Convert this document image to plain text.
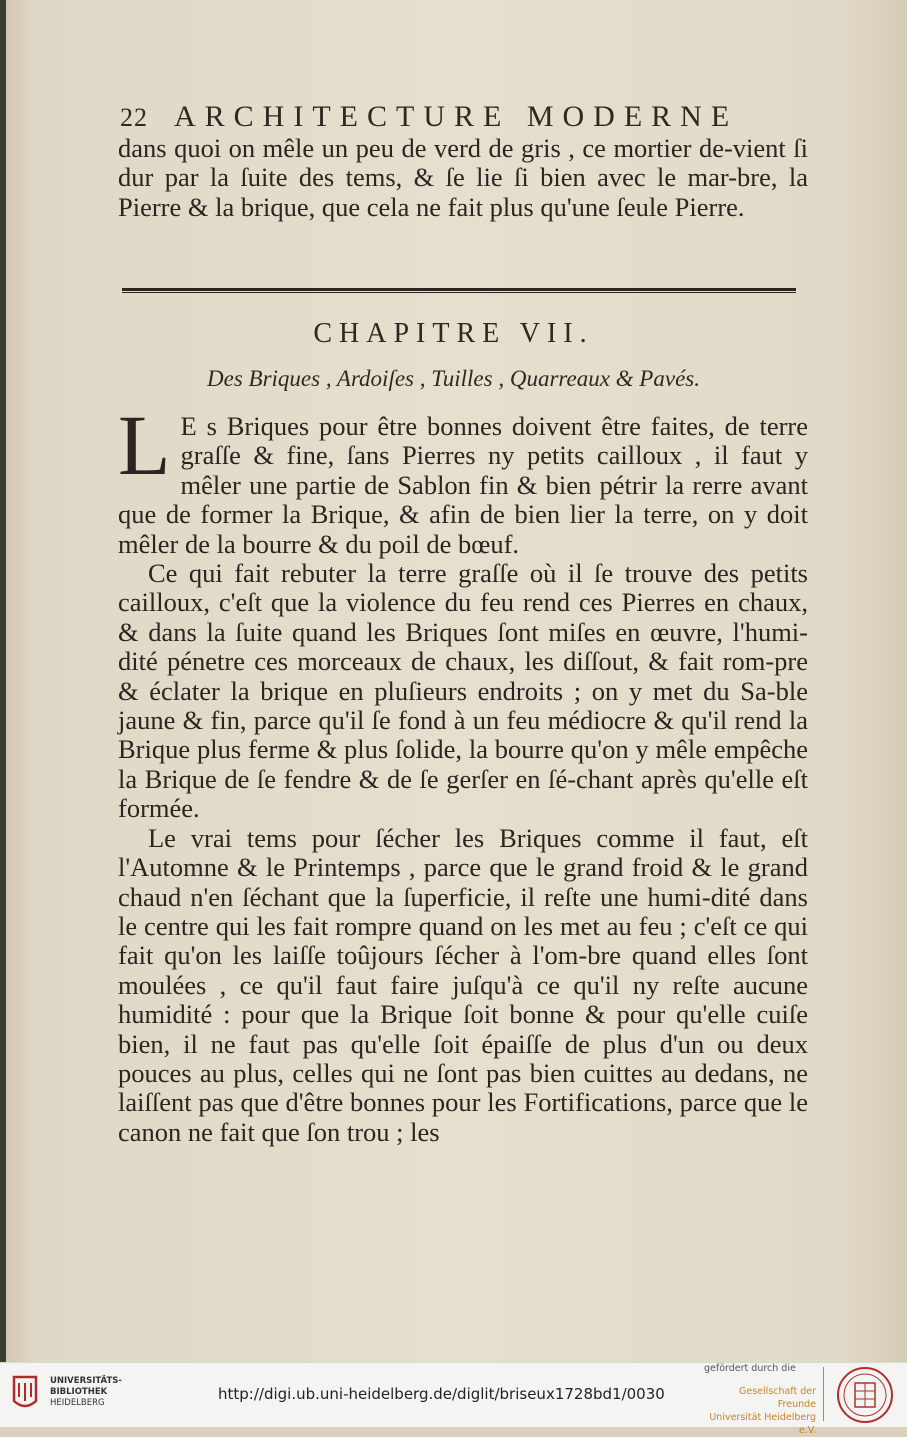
22 ARCHITECTURE MODERNE

dans quoi on mêle un peu de verd de gris , ce mortier de-vient ſi dur par la ſuite des tems, & ſe lie ſi bien avec le mar-bre, la Pierre & la brique, que cela ne fait plus qu'une ſeule Pierre.

CHAPITRE VII.
Des Briques , Ardoiſes , Tuilles , Quarreaux & Pavés.

L E s Briques pour être bonnes doivent être faites, de terre graſſe & fine, ſans Pierres ny petits cailloux , il faut y mêler une partie de Sablon fin & bien pétrir la rerre avant que de former la Brique, & afin de bien lier la terre, on y doit mêler de la bourre & du poil de bœuf.

Ce qui fait rebuter la terre graſſe où il ſe trouve des petits cailloux, c'eſt que la violence du feu rend ces Pierres en chaux, & dans la ſuite quand les Briques ſont miſes en œuvre, l'humi-dité pénetre ces morceaux de chaux, les diſſout, & fait rom-pre & éclater la brique en pluſieurs endroits ; on y met du Sa-ble jaune & fin, parce qu'il ſe fond à un feu médiocre & qu'il rend la Brique plus ferme & plus ſolide, la bourre qu'on y mêle empêche la Brique de ſe fendre & de ſe gerſer en ſé-chant après qu'elle eſt formée.

Le vrai tems pour ſécher les Briques comme il faut, eſt l'Automne & le Printemps , parce que le grand froid & le grand chaud n'en ſéchant que la ſuperficie, il reſte une humi-dité dans le centre qui les fait rompre quand on les met au feu ; c'eſt ce qui fait qu'on les laiſſe toûjours ſécher à l'om-bre quand elles ſont moulées , ce qu'il faut faire juſqu'à ce qu'il ny reſte aucune humidité : pour que la Brique ſoit bonne & pour qu'elle cuiſe bien, il ne faut pas qu'elle ſoit épaiſſe de plus d'un ou deux pouces au plus, celles qui ne ſont pas bien cuittes au dedans, ne laiſſent pas que d'être bonnes pour les Fortifications, parce que le canon ne fait que ſon trou ; les

UNIVERSITÄTS-
BIBLIOTHEK
HEIDELBERG	http://digi.ub.uni-heidelberg.de/diglit/briseux1728bd1/0030
gefördert durch die
Gesellschaft der Freunde
Universität Heidelberg e.V.
